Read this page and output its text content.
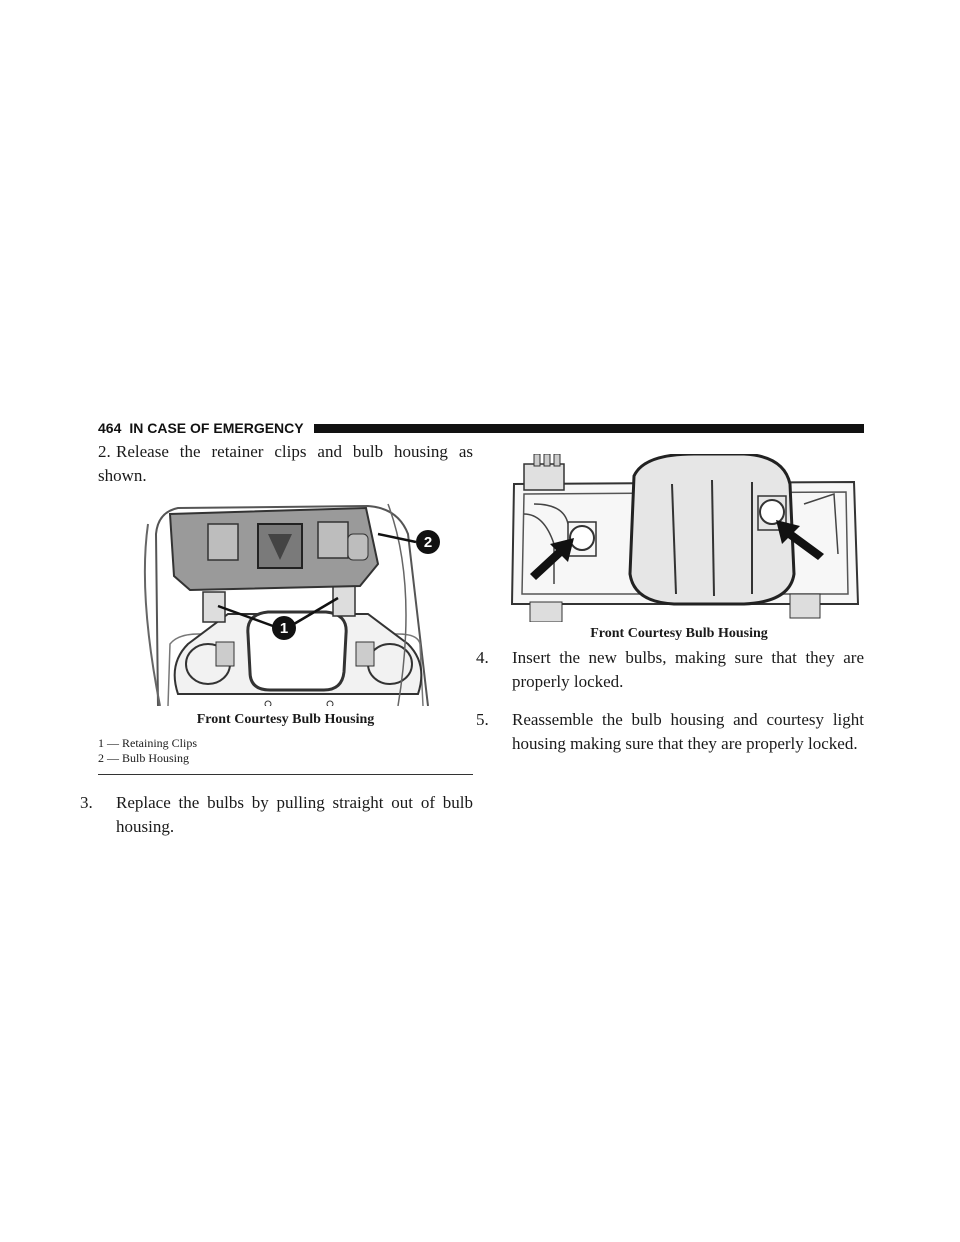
464 IN CASE OF EMERGENCY

2. Release the retainer clips and bulb housing as shown.

2
1

Front Courtesy Bulb Housing

1 — Retaining Clips

2 — Bulb Housing

3. Replace the bulbs by pulling straight out of bulb housing.

Front Courtesy Bulb Housing

4. Insert the new bulbs, making sure that they are properly locked.

5. Reassemble the bulb housing and courtesy light housing making sure that they are properly locked.
